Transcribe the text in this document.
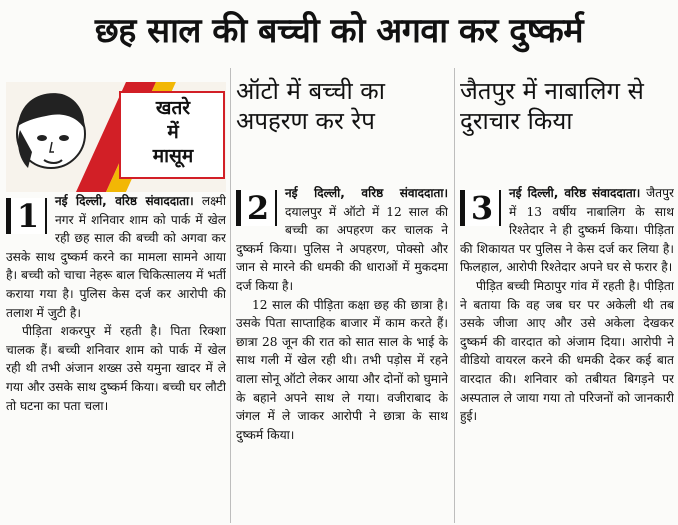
छह साल की बच्ची को अगवा कर दुष्कर्म
खतरे
में
मासूम

नई दिल्ली, वरिष्ठ संवाददाता।
1	लक्ष्मी नगर में शनिवार शाम को पार्क में खेल रही छह साल की बच्ची को अगवा कर उसके साथ दुष्कर्म करने का मामला सामने आया है। बच्ची को चाचा नेहरू बाल चिकित्सालय में भर्ती कराया गया है। पुलिस केस दर्ज कर आरोपी की तलाश में जुटी है।
पीड़िता शकरपुर में रहती है। पिता रिक्शा चालक हैं। बच्ची शनिवार शाम को पार्क में खेल रही थी तभी अंजान शख्स उसे यमुना खादर में ले गया और उसके साथ दुष्कर्म किया। बच्ची घर लौटी तो घटना का पता चला।

ऑटो में बच्ची का अपहरण कर रेप

नई दिल्ली, वरिष्ठ संवाददाता।
2	दयालपुर में ऑटो में 12 साल की बच्ची का अपहरण कर चालक ने दुष्कर्म किया। पुलिस ने अपहरण, पोक्सो और जान से मारने की धमकी की धाराओं में मुकदमा दर्ज किया है।
12 साल की पीड़िता कक्षा छह की छात्रा है। उसके पिता साप्ताहिक बाजार में काम करते हैं। छात्रा 28 जून की रात को सात साल के भाई के साथ गली में खेल रही थी। तभी पड़ोस में रहने वाला सोनू ऑटो लेकर आया और दोनों को घुमाने के बहाने अपने साथ ले गया। वजीराबाद के जंगल में ले जाकर आरोपी ने छात्रा के साथ दुष्कर्म किया।

जैतपुर में नाबालिग से दुराचार किया

नई दिल्ली, वरिष्ठ संवाददाता।
3	जैतपुर में 13 वर्षीय नाबालिग के साथ रिश्तेदार ने ही दुष्कर्म किया। पीड़िता की शिकायत पर पुलिस ने केस दर्ज कर लिया है। फिलहाल, आरोपी रिश्तेदार अपने घर से फरार है।
पीड़ित बच्ची मिठापुर गांव में रहती है। पीड़िता ने बताया कि वह जब घर पर अकेली थी तब उसके जीजा आए और उसे अकेला देखकर दुष्कर्म की वारदात को अंजाम दिया। आरोपी ने वीडियो वायरल करने की धमकी देकर कई बात वारदात की। शनिवार को तबीयत बिगड़ने पर अस्पताल ले जाया गया तो परिजनों को जानकारी हुई।
